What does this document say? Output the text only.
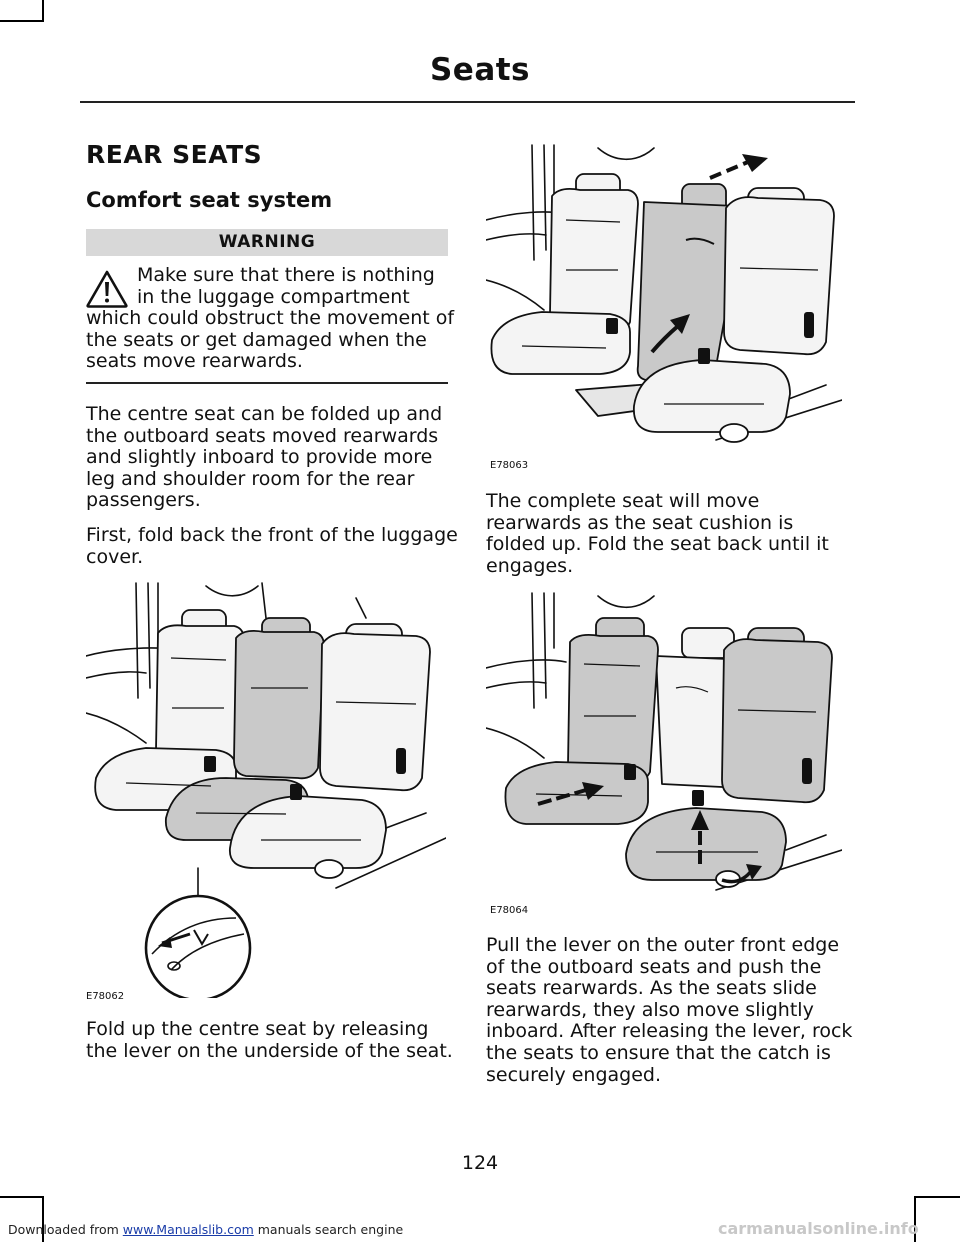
Seats
REAR SEATS
Comfort seat system
WARNING
Make sure that there is nothing in the luggage compartment
which could obstruct the movement of the seats or get damaged when the seats move rearwards.
The centre seat can be folded up and the outboard seats moved rearwards and slightly inboard to provide more leg and shoulder room for the rear passengers.
First, fold back the front of the luggage cover.
E78062
Fold up the centre seat by releasing the lever on the underside of the seat.
E78063
The complete seat will move rearwards as the seat cushion is folded up. Fold the seat back until it engages.
E78064
Pull the lever on the outer front edge of the outboard seats and push the seats rearwards. As the seats slide rearwards, they also move slightly inboard. After releasing the lever, rock the seats to ensure that the catch is securely engaged.
124
Downloaded from www.Manualslib.com manuals search engine	carmanualsonline.info
